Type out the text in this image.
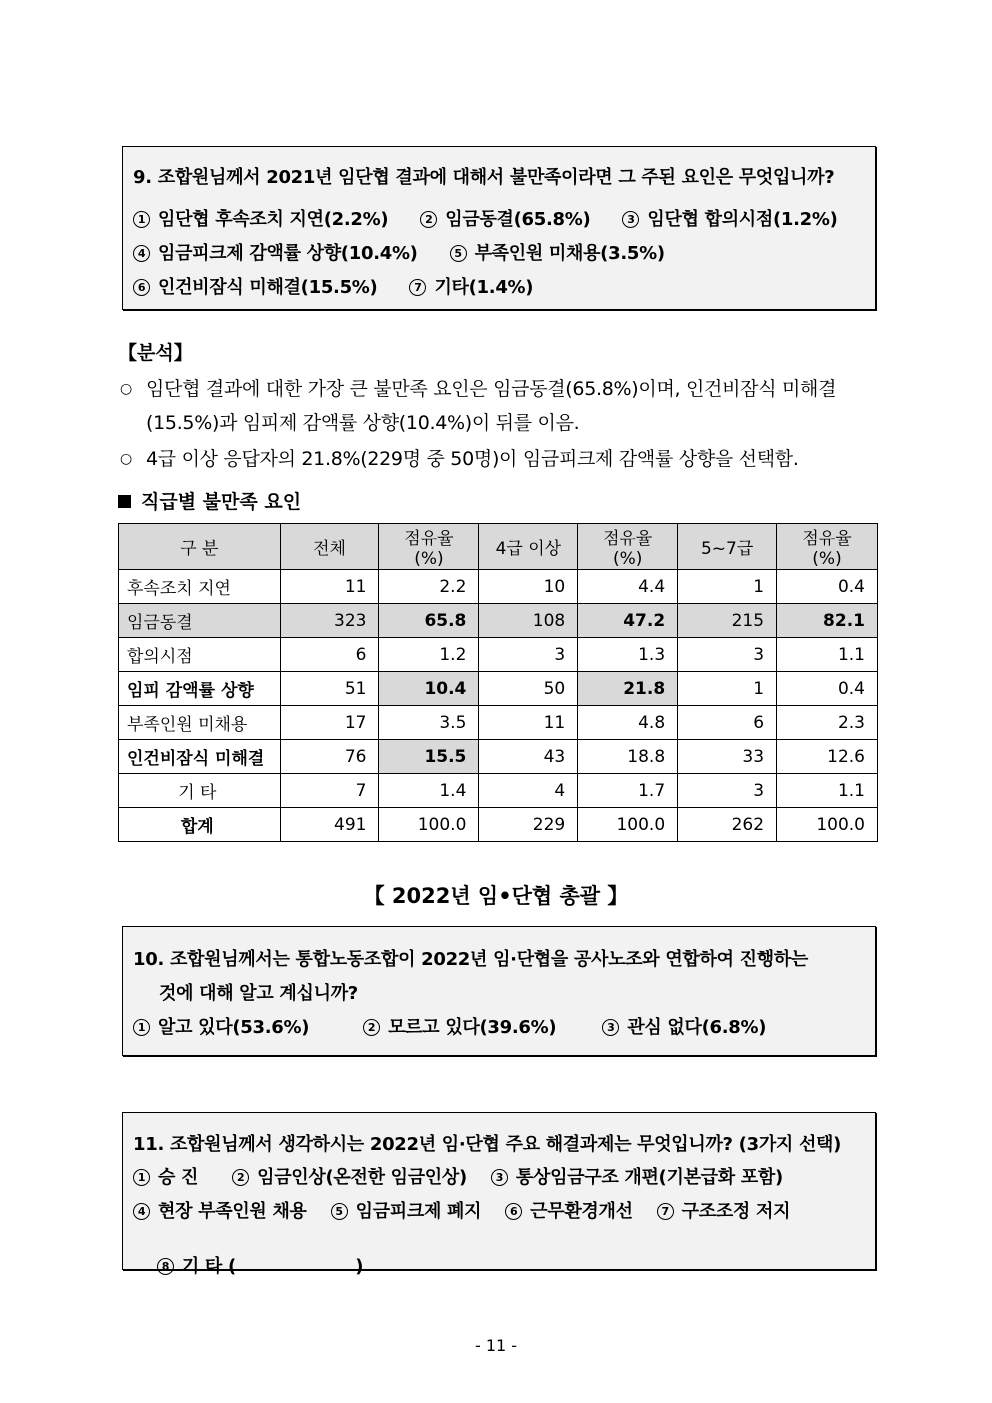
9. 조합원님께서 2021년 임단협 결과에 대해서 불만족이라면 그 주된 요인은 무엇입니까?
1 임단협 후속조치 지연(2.2%)	2 임금동결(65.8%)	3 임단협 합의시점(1.2%)
4 임금피크제 감액률 상향(10.4%)	5 부족인원 미채용(3.5%)
6 인건비잠식 미해결(15.5%)	7 기타(1.4%)
【분석】
○ 임단협 결과에 대한 가장 큰 불만족 요인은 임금동결(65.8%)이며, 인건비잠식 미해결
(15.5%)과 임피제 감액률 상향(10.4%)이 뒤를 이음.
○ 4급 이상 응답자의 21.8%(229명 중 50명)이 임금피크제 감액률 상향을 선택함.
직급별 불만족 요인
구 분	전체	점유율(%)	4급 이상	점유율(%)	5~7급	점유율(%)
후속조치 지연	11	2.2	10	4.4	1	0.4
임금동결	323	65.8	108	47.2	215	82.1
합의시점	6	1.2	3	1.3	3	1.1
임피 감액률 상향	51	10.4	50	21.8	1	0.4
부족인원 미채용	17	3.5	11	4.8	6	2.3
인건비잠식 미해결	76	15.5	43	18.8	33	12.6
기 타	7	1.4	4	1.7	3	1.1
합계	491	100.0	229	100.0	262	100.0
【 2022년 임•단협 총괄 】
10. 조합원님께서는 통합노동조합이 2022년 임·단협을 공사노조와 연합하여 진행하는
것에 대해 알고 계십니까?
1 알고 있다(53.6%)	2 모르고 있다(39.6%)	3 관심 없다(6.8%)
11. 조합원님께서 생각하시는 2022년 임·단협 주요 해결과제는 무엇입니까? (3가지 선택)
1 승 진	2 임금인상(온전한 임금인상)	3 통상임금구조 개편(기본급화 포함)
4 현장 부족인원 채용	5 임금피크제 폐지	6 근무환경개선	7 구조조정 저지

8 기 타 (                    )

- 11 -
